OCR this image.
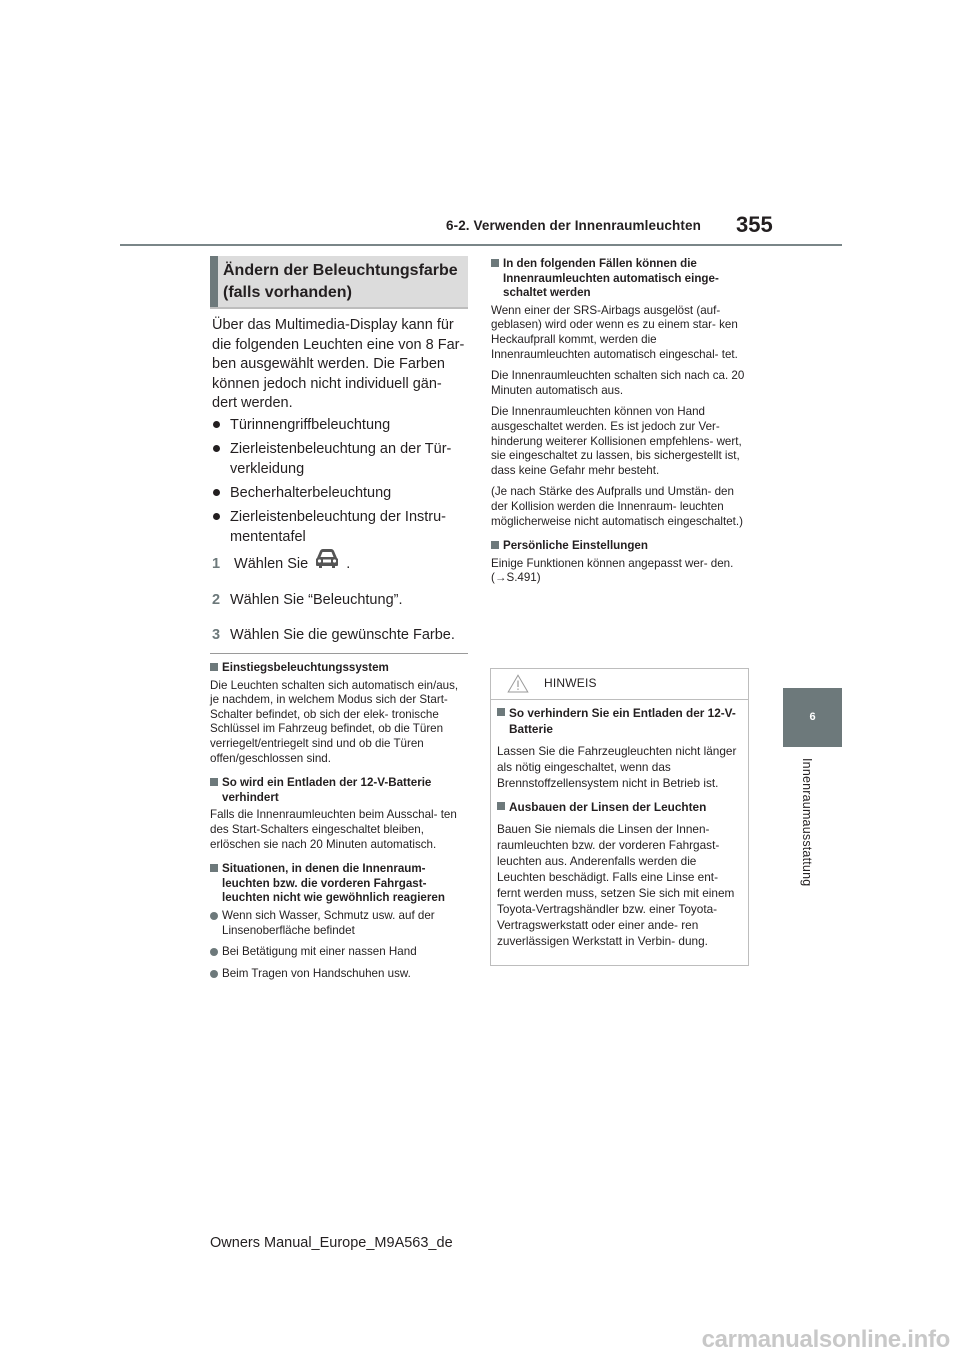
6-2. Verwenden der Innenraumleuchten 355
6
Innenraumausstattung
Ändern der Beleuchtungsfarbe (falls vorhanden)
Über das Multimedia-Display kann für die folgenden Leuchten eine von 8 Far- ben ausgewählt werden. Die Farben können jedoch nicht individuell gän- dert werden.
Türinnengriffbeleuchtung
Zierleistenbeleuchtung an der Tür- verkleidung
Becherhalterbeleuchtung
Zierleistenbeleuchtung der Instru- mententafel
1 Wählen Sie	.
2 Wählen Sie “Beleuchtung”.
3 Wählen Sie die gewünschte Farbe.
Einstiegsbeleuchtungssystem
Die Leuchten schalten sich automatisch ein/aus, je nachdem, in welchem Modus sich der Start-Schalter befindet, ob sich der elek- tronische Schlüssel im Fahrzeug befindet, ob die Türen verriegelt/entriegelt sind und ob die Türen offen/geschlossen sind.
So wird ein Entladen der 12-V-Batterie verhindert
Falls die Innenraumleuchten beim Ausschal- ten des Start-Schalters eingeschaltet bleiben, erlöschen sie nach 20 Minuten automatisch.
Situationen, in denen die Innenraum- leuchten bzw. die vorderen Fahrgast- leuchten nicht wie gewöhnlich reagieren
Wenn sich Wasser, Schmutz usw. auf der Linsenoberfläche befindet
Bei Betätigung mit einer nassen Hand
Beim Tragen von Handschuhen usw.
In den folgenden Fällen können die Innenraumleuchten automatisch einge- schaltet werden
Wenn einer der SRS-Airbags ausgelöst (auf- geblasen) wird oder wenn es zu einem star- ken Heckaufprall kommt, werden die Innenraumleuchten automatisch eingeschal- tet.
Die Innenraumleuchten schalten sich nach ca. 20 Minuten automatisch aus.
Die Innenraumleuchten können von Hand ausgeschaltet werden. Es ist jedoch zur Ver- hinderung weiterer Kollisionen empfehlens- wert, sie eingeschaltet zu lassen, bis sichergestellt ist, dass keine Gefahr mehr besteht.
(Je nach Stärke des Aufpralls und Umstän- den der Kollision werden die Innenraum- leuchten möglicherweise nicht automatisch eingeschaltet.)
Persönliche Einstellungen
Einige Funktionen können angepasst wer- den. (→S.491)
HINWEIS
So verhindern Sie ein Entladen der 12-V-Batterie
Lassen Sie die Fahrzeugleuchten nicht länger als nötig eingeschaltet, wenn das Brennstoffzellensystem nicht in Betrieb ist.
Ausbauen der Linsen der Leuchten
Bauen Sie niemals die Linsen der Innen- raumleuchten bzw. der vorderen Fahrgast- leuchten aus. Anderenfalls werden die Leuchten beschädigt. Falls eine Linse ent- fernt werden muss, setzen Sie sich mit einem Toyota-Vertragshändler bzw. einer Toyota-Vertragswerkstatt oder einer ande- ren zuverlässigen Werkstatt in Verbin- dung.
Owners Manual_Europe_M9A563_de
carmanualsonline.info
